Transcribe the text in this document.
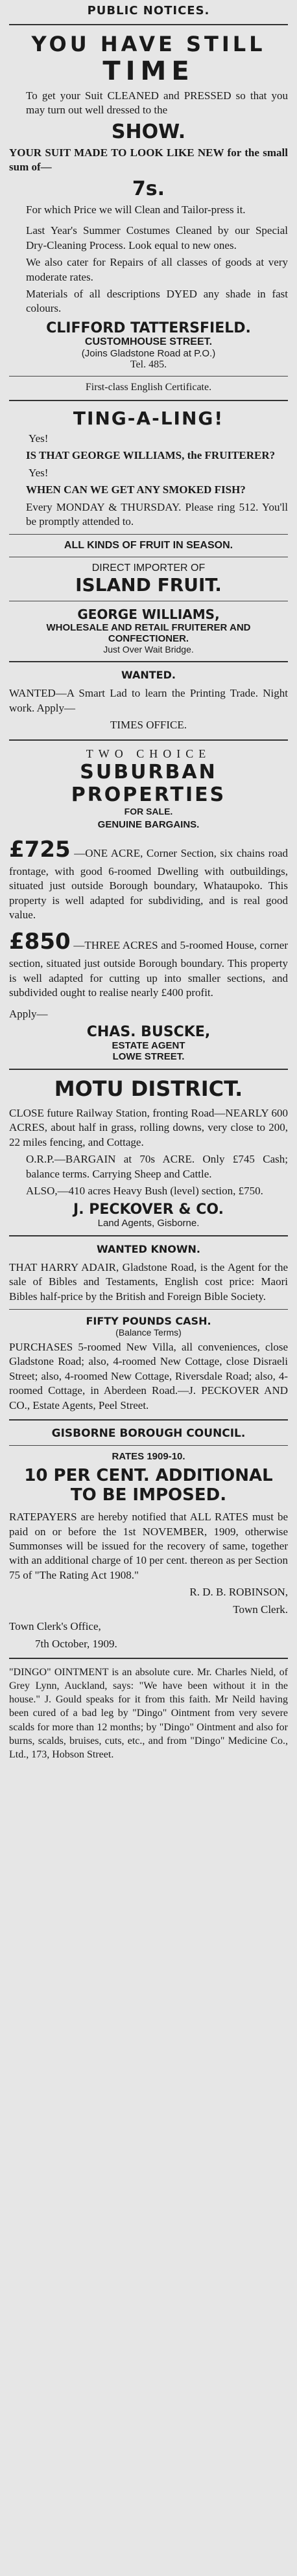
PUBLIC NOTICES.
YOU HAVE STILL
TIME

To get your Suit CLEANED and PRESSED so that you may turn out well dressed to the

SHOW.

YOUR SUIT MADE TO LOOK LIKE NEW for the small sum of—

7s.

For which Price we will Clean and Tailor-press it.

Last Year's Summer Costumes Cleaned by our Special Dry-Cleaning Process. Look equal to new ones.

We also cater for Repairs of all classes of goods at very moderate rates.

Materials of all descriptions DYED any shade in fast colours.

CLIFFORD TATTERSFIELD.
CUSTOMHOUSE STREET.
(Joins Gladstone Road at P.O.)
Tel. 485.
First-class English Certificate.
TING-A-LING!

Yes!

IS THAT GEORGE WILLIAMS, the FRUITERER?

Yes!

WHEN CAN WE GET ANY SMOKED FISH?

Every MONDAY & THURSDAY. Please ring 512. You'll be promptly attended to.

ALL KINDS OF FRUIT IN SEASON.
DIRECT IMPORTER OF
ISLAND FRUIT.
GEORGE WILLIAMS,
WHOLESALE AND RETAIL FRUITERER AND CONFECTIONER.
Just Over Wait Bridge.
WANTED.

WANTED—A Smart Lad to learn the Printing Trade. Night work. Apply—

TIMES OFFICE.

TWO CHOICE
SUBURBAN
PROPERTIES
FOR SALE.
GENUINE BARGAINS.

£725 —ONE ACRE, Corner Section, six chains road frontage, with good 6-roomed Dwelling with outbuildings, situated just outside Borough boundary, Whataupoko. This property is well adapted for subdividing, and is real good value.

£850 —THREE ACRES and 5-roomed House, corner section, situated just outside Borough boundary. This property is well adapted for cutting up into smaller sections, and subdivided ought to realise nearly £400 profit.

Apply—

CHAS. BUSCKE,
ESTATE AGENT
LOWE STREET.
MOTU DISTRICT.

CLOSE future Railway Station, fronting Road—NEARLY 600 ACRES, about half in grass, rolling downs, very close to 200, 22 miles fencing, and Cottage.

O.R.P.—BARGAIN at 70s ACRE. Only £745 Cash; balance terms. Carrying Sheep and Cattle.

ALSO,—410 acres Heavy Bush (level) section, £750.

J. PECKOVER & CO.
Land Agents, Gisborne.
WANTED KNOWN.

THAT HARRY ADAIR, Gladstone Road, is the Agent for the sale of Bibles and Testaments, English cost price: Maori Bibles half-price by the British and Foreign Bible Society.

FIFTY POUNDS CASH.
(Balance Terms)

PURCHASES 5-roomed New Villa, all conveniences, close Gladstone Road; also, 4-roomed New Cottage, close Disraeli Street; also, 4-roomed New Cottage, Riversdale Road; also, 4-roomed Cottage, in Aberdeen Road.—J. PECKOVER AND CO., Estate Agents, Peel Street.

GISBORNE BOROUGH COUNCIL.
RATES 1909-10.
10 PER CENT. ADDITIONAL
TO BE IMPOSED.

RATEPAYERS are hereby notified that ALL RATES must be paid on or before the 1st NOVEMBER, 1909, otherwise Summonses will be issued for the recovery of same, together with an additional charge of 10 per cent. thereon as per Section 75 of "The Rating Act 1908."

R. D. B. ROBINSON,

Town Clerk.

Town Clerk's Office,

7th October, 1909.

"DINGO" OINTMENT is an absolute cure. Mr. Charles Nield, of Grey Lynn, Auckland, says: "We have been without it in the house." J. Gould speaks for it from this faith. Mr Neild having been cured of a bad leg by "Dingo" Ointment from very severe scalds for more than 12 months; by "Dingo" Ointment and also for burns, scalds, bruises, cuts, etc., and from "Dingo" Medicine Co., Ltd., 173, Hobson Street.
